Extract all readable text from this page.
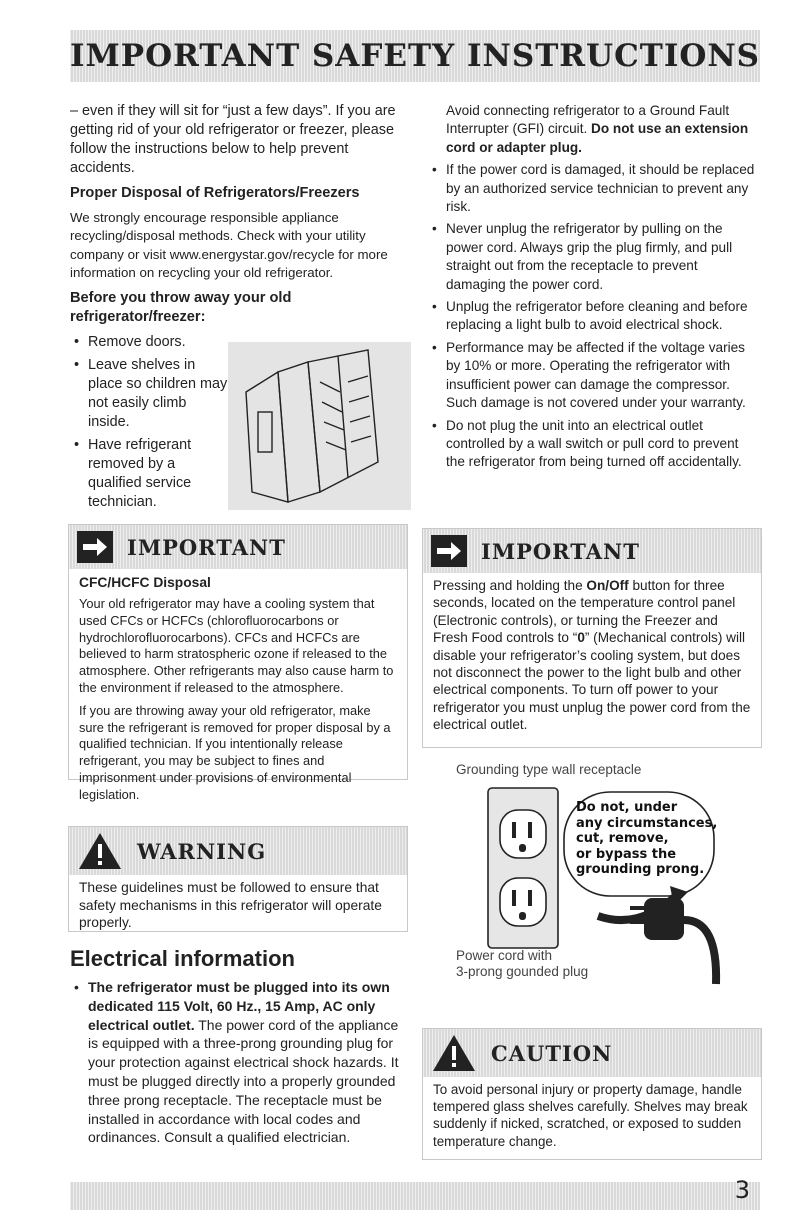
IMPORTANT SAFETY INSTRUCTIONS

– even if they will sit for “just a few days”. If you are getting rid of your old refrigerator or freezer, please follow the instructions below to help prevent accidents.

Proper Disposal of Refrigerators/Freezers

We strongly encourage responsible appliance recycling/disposal methods. Check with your utility company or visit www.energystar.gov/recycle for more information on recycling your old refrigerator.

Before you throw away your old refrigerator/freezer:

• Remove doors.
• Leave shelves in place so children may not easily climb inside.
• Have refrigerant removed by a qualified service technician.
IMPORTANT

CFC/HCFC Disposal

Your old refrigerator may have a cooling system that used CFCs or HCFCs (chlorofluorocarbons or hydrochlorofluorocarbons). CFCs and HCFCs are believed to harm stratospheric ozone if released to the atmosphere. Other refrigerants may also cause harm to the environment if released to the atmosphere.

If you are throwing away your old refrigerator, make sure the refrigerant is removed for proper disposal by a qualified technician. If you intentionally release refrigerant, you may be subject to fines and imprisonment under provisions of environmental legislation.

WARNING

These guidelines must be followed to ensure that safety mechanisms in this refrigerator will operate properly.

Electrical information

• The refrigerator must be plugged into its own dedicated 115 Volt, 60 Hz., 15 Amp, AC only electrical outlet. The power cord of the appliance is equipped with a three-prong grounding plug for your protection against electrical shock hazards. It must be plugged directly into a properly grounded three prong receptacle. The receptacle must be installed in accordance with local codes and ordinances. Consult a qualified electrician.

Avoid connecting refrigerator to a Ground Fault Interrupter (GFI) circuit. Do not use an extension cord or adapter plug.

• If the power cord is damaged, it should be replaced by an authorized service technician to prevent any risk.
• Never unplug the refrigerator by pulling on the power cord. Always grip the plug firmly, and pull straight out from the receptacle to prevent damaging the power cord.
• Unplug the refrigerator before cleaning and before replacing a light bulb to avoid electrical shock.
• Performance may be affected if the voltage varies by 10% or more. Operating the refrigerator with insufficient power can damage the compressor. Such damage is not covered under your warranty.
• Do not plug the unit into an electrical outlet controlled by a wall switch or pull cord to prevent the refrigerator from being turned off accidentally.
IMPORTANT

Pressing and holding the On/Off button for three seconds, located on the temperature control panel (Electronic controls), or turning the Freezer and Fresh Food controls to “0” (Mechanical controls) will disable your refrigerator’s cooling system, but does not disconnect the power to the light bulb and other electrical components. To turn off power to your refrigerator you must unplug the power cord from the electrical outlet.

Grounding type wall receptacle
Do not, under
any circumstances,
cut, remove,
or bypass the
grounding prong.
Power cord with
3-prong gounded plug
CAUTION

To avoid personal injury or property damage, handle tempered glass shelves carefully. Shelves may break suddenly if nicked, scratched, or exposed to sudden temperature change.

3
